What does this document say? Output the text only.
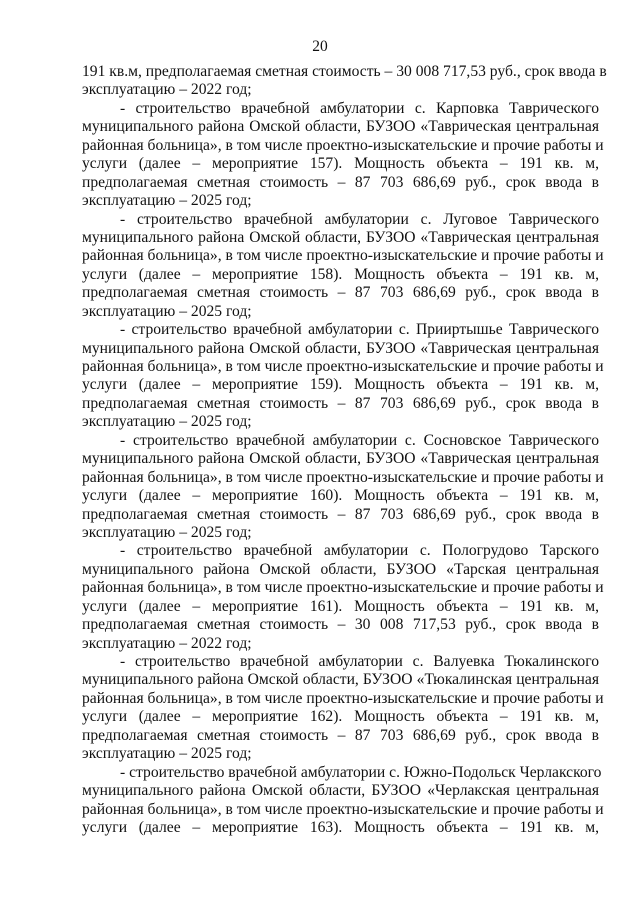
20
191 кв.м, предполагаемая сметная стоимость – 30 008 717,53 руб., срок ввода в
эксплуатацию – 2022 год;
- строительство врачебной амбулатории с. Карповка Таврического
муниципального района Омской области, БУЗОО «Таврическая центральная
районная больница», в том числе проектно-изыскательские и прочие работы и
услуги (далее – мероприятие 157). Мощность объекта – 191 кв. м,
предполагаемая сметная стоимость – 87 703 686,69 руб., срок ввода в
эксплуатацию – 2025 год;
- строительство врачебной амбулатории с. Луговое Таврического
муниципального района Омской области, БУЗОО «Таврическая центральная
районная больница», в том числе проектно-изыскательские и прочие работы и
услуги (далее – мероприятие 158). Мощность объекта – 191 кв. м,
предполагаемая сметная стоимость – 87 703 686,69 руб., срок ввода в
эксплуатацию – 2025 год;
- строительство врачебной амбулатории с. Прииртышье Таврического
муниципального района Омской области, БУЗОО «Таврическая центральная
районная больница», в том числе проектно-изыскательские и прочие работы и
услуги (далее – мероприятие 159). Мощность объекта – 191 кв. м,
предполагаемая сметная стоимость – 87 703 686,69 руб., срок ввода в
эксплуатацию – 2025 год;
- строительство врачебной амбулатории с. Сосновское Таврического
муниципального района Омской области, БУЗОО «Таврическая центральная
районная больница», в том числе проектно-изыскательские и прочие работы и
услуги (далее – мероприятие 160). Мощность объекта – 191 кв. м,
предполагаемая сметная стоимость – 87 703 686,69 руб., срок ввода в
эксплуатацию – 2025 год;
- строительство врачебной амбулатории с. Пологрудово Тарского
муниципального района Омской области, БУЗОО «Тарская центральная
районная больница», в том числе проектно-изыскательские и прочие работы и
услуги (далее – мероприятие 161). Мощность объекта – 191 кв. м,
предполагаемая сметная стоимость – 30 008 717,53 руб., срок ввода в
эксплуатацию – 2022 год;
- строительство врачебной амбулатории с. Валуевка Тюкалинского
муниципального района Омской области, БУЗОО «Тюкалинская центральная
районная больница», в том числе проектно-изыскательские и прочие работы и
услуги (далее – мероприятие 162). Мощность объекта – 191 кв. м,
предполагаемая сметная стоимость – 87 703 686,69 руб., срок ввода в
эксплуатацию – 2025 год;
- строительство врачебной амбулатории с. Южно-Подольск Черлакского
муниципального района Омской области, БУЗОО «Черлакская центральная
районная больница», в том числе проектно-изыскательские и прочие работы и
услуги (далее – мероприятие 163). Мощность объекта – 191 кв. м,
